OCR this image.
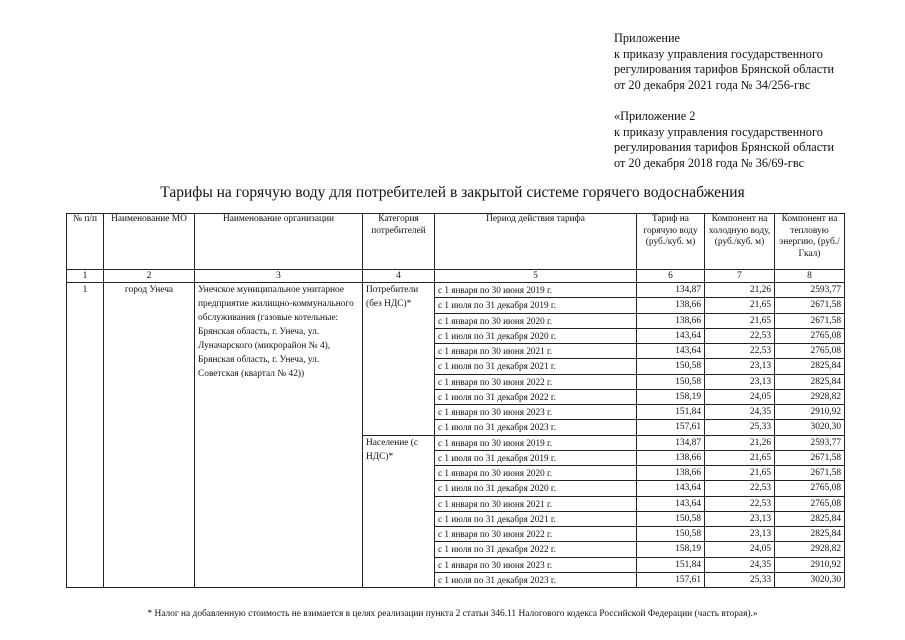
Приложение
к приказу управления государственного
регулирования тарифов Брянской области
от 20 декабря 2021 года № 34/256-гвс
«Приложение 2
к приказу управления государственного
регулирования тарифов Брянской области
от 20 декабря 2018 года № 36/69-гвс
Тарифы на горячую воду для потребителей в закрытой системе горячего водоснабжения
№ п/п	Наименование МО	Наименование организации	Категория потребителей	Период действия тарифа	Тариф на горячую воду (руб./куб. м)	Компонент на холодную воду, (руб./куб. м)	Компонент на тепловую энергию, (руб./Гкал)
1	2	3	4	5	6	7	8
1	город Унеча	Унечское муниципальное унитарное предприятие жилищно-коммунального обслуживания (газовые котельные: Брянская область, г. Унеча, ул. Луначарского (микрорайон № 4), Брянская область, г. Унеча, ул. Советская (квартал № 42))	Потребители (без НДС)*	с 1 января по 30 июня 2019 г.	134,87	21,26	2593,77
				с 1 июля по 31 декабря 2019 г.	138,66	21,65	2671,58
				с 1 января по 30 июня 2020 г.	138,66	21,65	2671,58
				с 1 июля по 31 декабря 2020 г.	143,64	22,53	2765,08
				с 1 января по 30 июня 2021 г.	143,64	22,53	2765,08
				с 1 июля по 31 декабря 2021 г.	150,58	23,13	2825,84
				с 1 января по 30 июня 2022 г.	150,58	23,13	2825,84
				с 1 июля по 31 декабря 2022 г.	158,19	24,05	2928,82
				с 1 января по 30 июня 2023 г.	151,84	24,35	2910,92
				с 1 июля по 31 декабря 2023 г.	157,61	25,33	3020,30
			Население (с НДС)*	с 1 января по 30 июня 2019 г.	134,87	21,26	2593,77
				с 1 июля по 31 декабря 2019 г.	138,66	21,65	2671,58
				с 1 января по 30 июня 2020 г.	138,66	21,65	2671,58
				с 1 июля по 31 декабря 2020 г.	143,64	22,53	2765,08
				с 1 января по 30 июня 2021 г.	143,64	22,53	2765,08
				с 1 июля по 31 декабря 2021 г.	150,58	23,13	2825,84
				с 1 января по 30 июня 2022 г.	150,58	23,13	2825,84
				с 1 июля по 31 декабря 2022 г.	158,19	24,05	2928,82
				с 1 января по 30 июня 2023 г.	151,84	24,35	2910,92
				с 1 июля по 31 декабря 2023 г.	157,61	25,33	3020,30
* Налог на добавленную стоимость не взимается в целях реализации пункта 2 статьи 346.11 Налогового кодекса Российской Федерации (часть вторая).»
